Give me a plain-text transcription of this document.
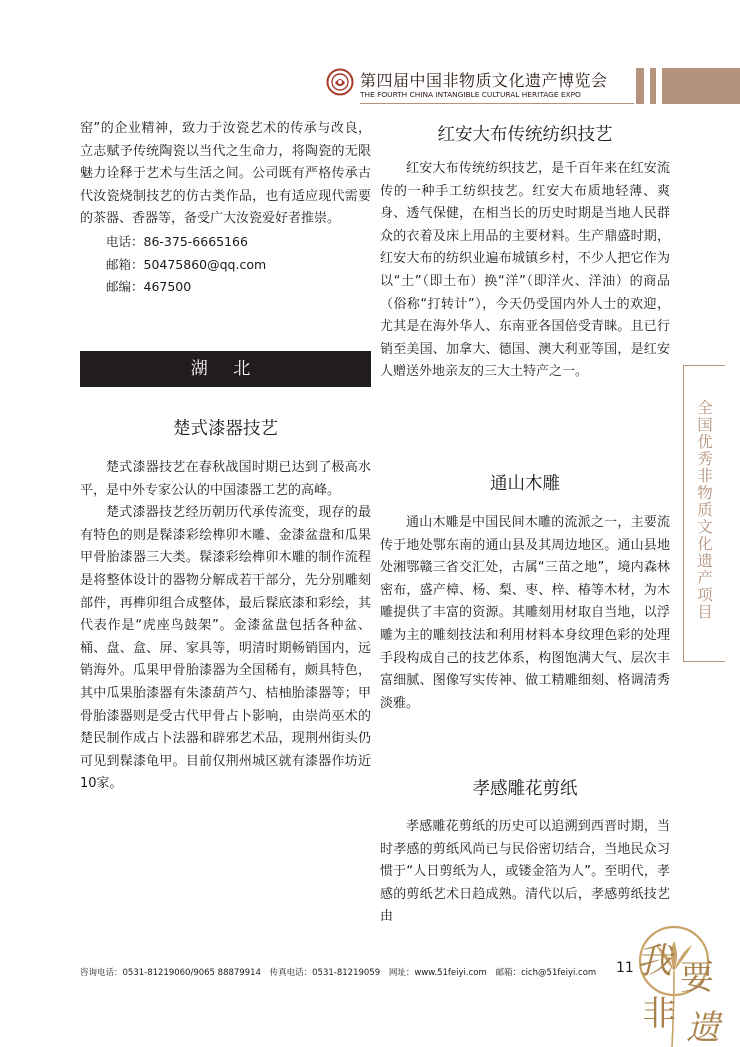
第四届中国非物质文化遗产博览会
THE FOURTH CHINA INTANGIBLE CULTURAL HERITAGE EXPO

窑”的企业精神，致力于汝瓷艺术的传承与改良，立志赋予传统陶瓷以当代之生命力，将陶瓷的无限魅力诠释于艺术与生活之间。公司既有严格传承古代汝瓷烧制技艺的仿古类作品，也有适应现代需要的茶器、香器等，备受广大汝瓷爱好者推崇。

电话：86-375-6665166

邮箱：50475860@qq.com

邮编：467500

湖 北
楚式漆器技艺

楚式漆器技艺在春秋战国时期已达到了极高水平，是中外专家公认的中国漆器工艺的高峰。

楚式漆器技艺经历朝历代承传流变，现存的最有特色的则是髹漆彩绘榫卯木雕、金漆盆盘和瓜果甲骨胎漆器三大类。髹漆彩绘榫卯木雕的制作流程是将整体设计的器物分解成若干部分，先分别雕刻部件，再榫卯组合成整体，最后髹底漆和彩绘，其代表作是“虎座鸟鼓架”。金漆盆盘包括各种盆、桶、盘、盒、屏、家具等，明清时期畅销国内，远销海外。瓜果甲骨胎漆器为全国稀有，颇具特色，其中瓜果胎漆器有朱漆葫芦勺、桔柚胎漆器等；甲骨胎漆器则是受古代甲骨占卜影响，由崇尚巫术的楚民制作成占卜法器和辟邪艺术品，现荆州街头仍可见到髹漆龟甲。目前仅荆州城区就有漆器作坊近10家。

红安大布传统纺织技艺

红安大布传统纺织技艺，是千百年来在红安流传的一种手工纺织技艺。红安大布质地轻薄、爽身、透气保健，在相当长的历史时期是当地人民群众的衣着及床上用品的主要材料。生产鼎盛时期，红安大布的纺织业遍布城镇乡村，不少人把它作为以“土”（即土布）换“洋”（即洋火、洋油）的商品（俗称“打转计”），今天仍受国内外人士的欢迎，尤其是在海外华人、东南亚各国倍受青睐。且已行销至美国、加拿大、德国、澳大利亚等国，是红安人赠送外地亲友的三大土特产之一。

通山木雕

通山木雕是中国民间木雕的流派之一，主要流传于地处鄂东南的通山县及其周边地区。通山县地处湘鄂赣三省交汇处，古属“三苗之地”，境内森林密布，盛产樟、杨、梨、枣、梓、椿等木材，为木雕提供了丰富的资源。其雕刻用材取自当地，以浮雕为主的雕刻技法和利用材料本身纹理色彩的处理手段构成自己的技艺体系，构图饱满大气、层次丰富细腻、图像写实传神、做工精雕细刻、格调清秀淡雅。

孝感雕花剪纸

孝感雕花剪纸的历史可以追溯到西晋时期，当时孝感的剪纸风尚已与民俗密切结合，当地民众习惯于“人日剪纸为人，或镂金箔为人”。至明代，孝感的剪纸艺术日趋成熟。清代以后，孝感剪纸技艺由

全国优秀非物质文化遗产项目
咨询电话：0531-81219060/9065 88879914 传真电话：0531-81219059 网址：www.51feiyi.com 邮箱：cich@51feiyi.com	11 我 要
非 遗
